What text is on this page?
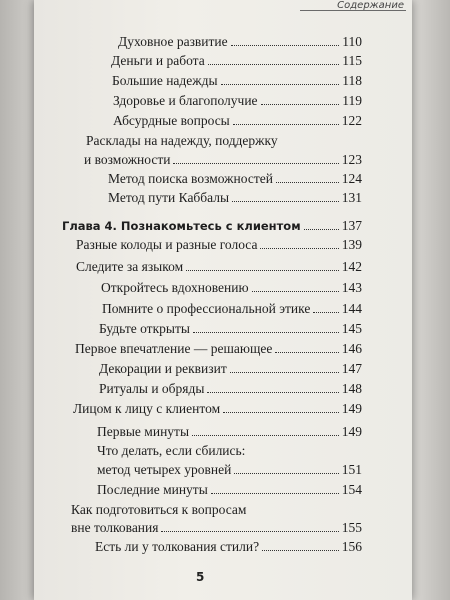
Содержание
Духовное развитие	110
Деньги и работа	115
Большие надежды	118
Здоровье и благополучие	119
Абсурдные вопросы	122
Расклады на надежду, поддержку
и возможности	123
Метод поиска возможностей	124
Метод пути Каббалы	131
Глава 4. Познакомьтесь с клиентом	137
Разные колоды и разные голоса	139
Следите за языком	142
Откройтесь вдохновению	143
Помните о профессиональной этике 144
Будьте открыты	145
Первое впечатление — решающее	146
Декорации и реквизит	147
Ритуалы и обряды	148
Лицом к лицу с клиентом	149
Первые минуты	149
Что делать, если сбились:
метод четырех уровней	151
Последние минуты	154
Как подготовиться к вопросам
вне толкования	155
Есть ли у толкования стили?	156
5
